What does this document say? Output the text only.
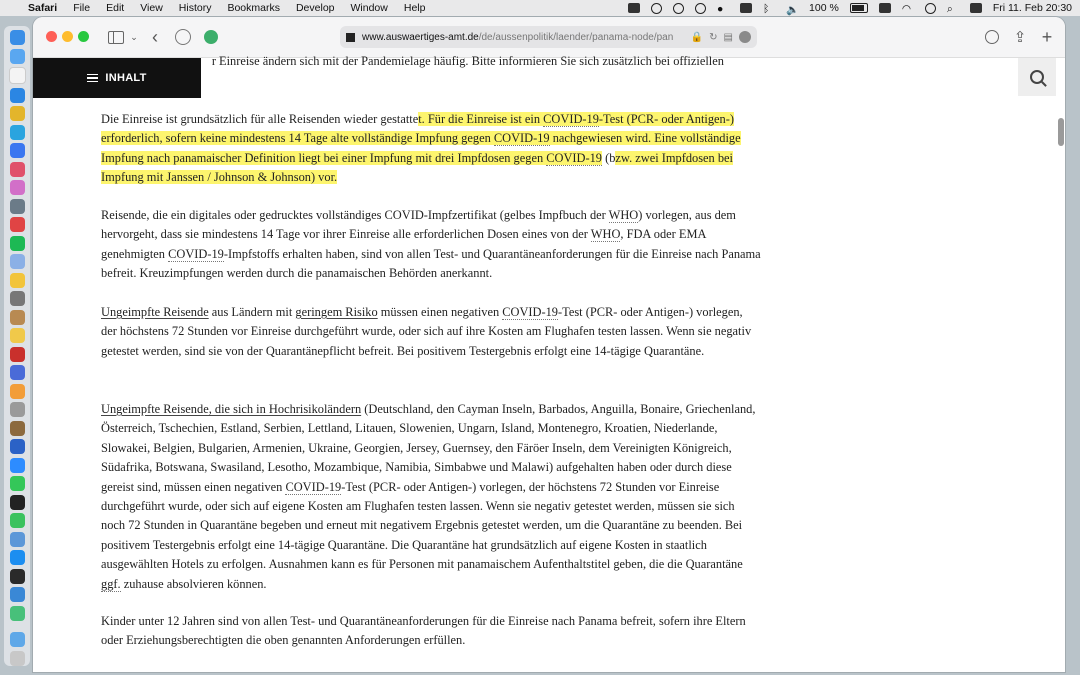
Safari File Edit View History Bookmarks Develop Window Help	●	ᛒ	🔈 100 %	◠	⌕	Fri 11. Feb 20:30
⌄ ‹	www.auswaertiges-amt.de/de/aussenpolitik/laender/panama-node/pan	🔒 ↻ ▤	⇪ +

r Einreise ändern sich mit der Pandemielage häufig. Bitte informieren Sie sich zusätzlich bei offiziellen

Die Einreise ist grundsätzlich für alle Reisenden wieder gestattet. Für die Einreise ist ein COVID-19-Test (PCR- oder Antigen-) erforderlich, sofern keine mindestens 14 Tage alte vollständige Impfung gegen COVID-19 nachgewiesen wird. Eine vollständige Impfung nach panamaischer Definition liegt bei einer Impfung mit drei Impfdosen gegen COVID-19 (bzw. zwei Impfdosen bei Impfung mit Janssen / Johnson & Johnson) vor.

Reisende, die ein digitales oder gedrucktes vollständiges COVID-Impfzertifikat (gelbes Impfbuch der WHO) vorlegen, aus dem hervorgeht, dass sie mindestens 14 Tage vor ihrer Einreise alle erforderlichen Dosen eines von der WHO, FDA oder EMA genehmigten COVID-19-Impfstoffs erhalten haben, sind von allen Test- und Quarantäneanforderungen für die Einreise nach Panama befreit. Kreuzimpfungen werden durch die panamaischen Behörden anerkannt.

Ungeimpfte Reisende aus Ländern mit geringem Risiko müssen einen negativen COVID-19-Test (PCR- oder Antigen-) vorlegen, der höchstens 72 Stunden vor Einreise durchgeführt wurde, oder sich auf ihre Kosten am Flughafen testen lassen. Wenn sie negativ getestet werden, sind sie von der Quarantänepflicht befreit. Bei positivem Testergebnis erfolgt eine 14-tägige Quarantäne.

Ungeimpfte Reisende, die sich in Hochrisikoländern (Deutschland, den Cayman Inseln, Barbados, Anguilla, Bonaire, Griechenland, Österreich, Tschechien, Estland, Serbien, Lettland, Litauen, Slowenien, Ungarn, Island, Montenegro, Kroatien, Niederlande, Slowakei, Belgien, Bulgarien, Armenien, Ukraine, Georgien, Jersey, Guernsey, den Färöer Inseln, dem Vereinigten Königreich, Südafrika, Botswana, Swasiland, Lesotho, Mozambique, Namibia, Simbabwe und Malawi) aufgehalten haben oder durch diese gereist sind, müssen einen negativen COVID-19-Test (PCR- oder Antigen-) vorlegen, der höchstens 72 Stunden vor Einreise durchgeführt wurde, oder sich auf eigene Kosten am Flughafen testen lassen. Wenn sie negativ getestet werden, müssen sie sich noch 72 Stunden in Quarantäne begeben und erneut mit negativem Ergebnis getestet werden, um die Quarantäne zu beenden. Bei positivem Testergebnis erfolgt eine 14-tägige Quarantäne. Die Quarantäne hat grundsätzlich auf eigene Kosten in staatlich ausgewählten Hotels zu erfolgen. Ausnahmen kann es für Personen mit panamaischem Aufenthaltstitel geben, die die Quarantäne ggf. zuhause absolvieren können.

Kinder unter 12 Jahren sind von allen Test- und Quarantäneanforderungen für die Einreise nach Panama befreit, sofern ihre Eltern oder Erziehungsberechtigten die oben genannten Anforderungen erfüllen.

INHALT
